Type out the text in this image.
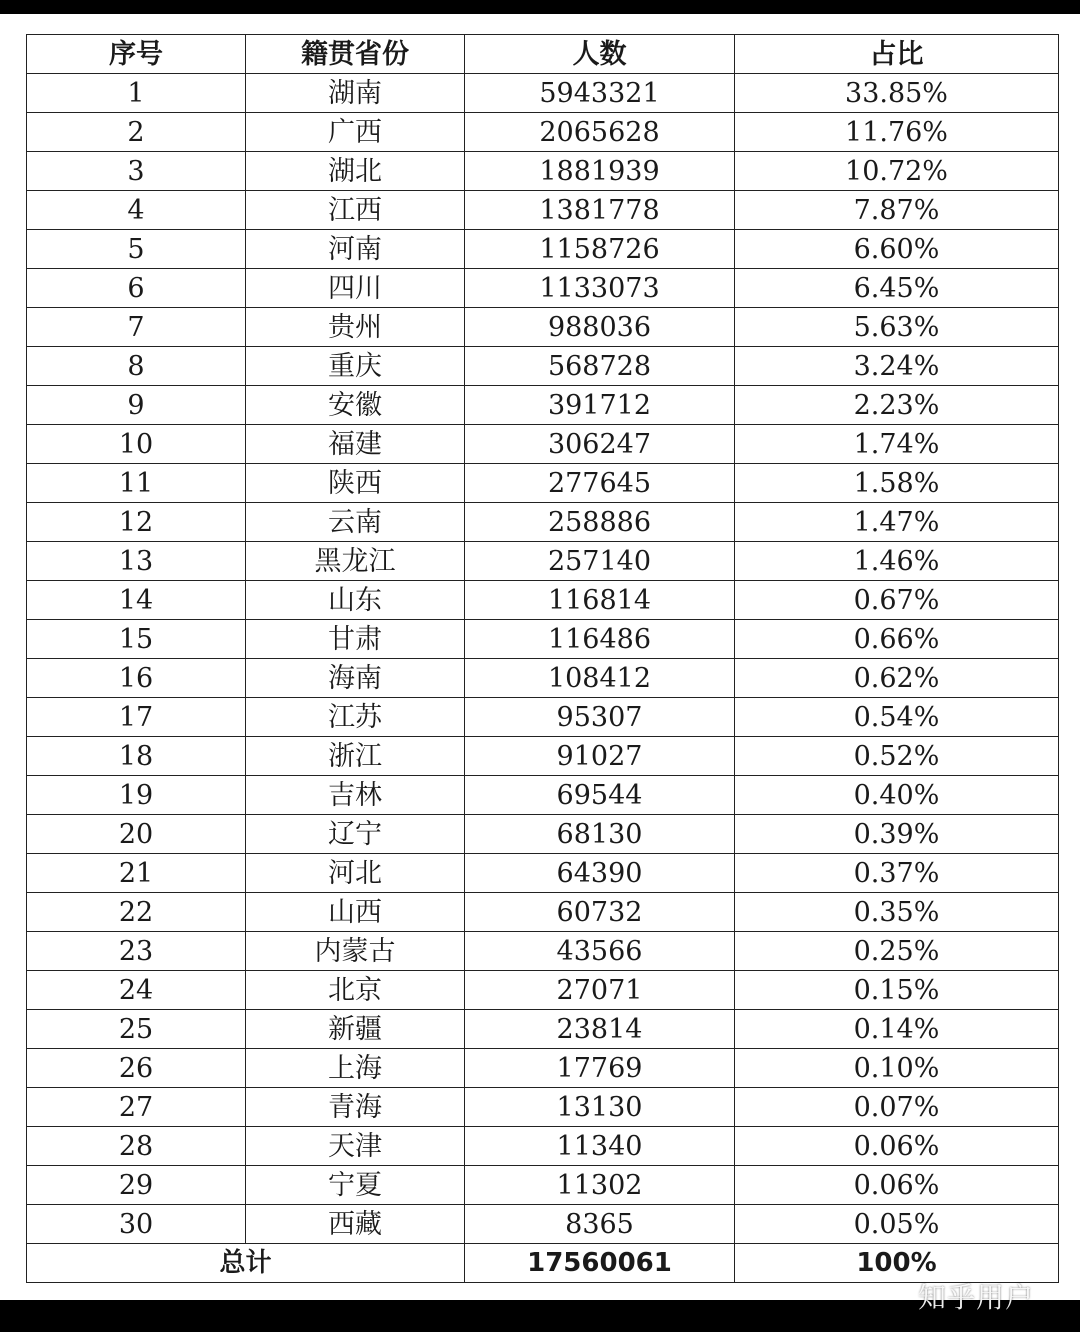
序号	籍贯省份	人数	占比
1	湖南	5943321	33.85%
2	广西	2065628	11.76%
3	湖北	1881939	10.72%
4	江西	1381778	7.87%
5	河南	1158726	6.60%
6	四川	1133073	6.45%
7	贵州	988036	5.63%
8	重庆	568728	3.24%
9	安徽	391712	2.23%
10	福建	306247	1.74%
11	陕西	277645	1.58%
12	云南	258886	1.47%
13	黑龙江	257140	1.46%
14	山东	116814	0.67%
15	甘肃	116486	0.66%
16	海南	108412	0.62%
17	江苏	95307	0.54%
18	浙江	91027	0.52%
19	吉林	69544	0.40%
20	辽宁	68130	0.39%
21	河北	64390	0.37%
22	山西	60732	0.35%
23	内蒙古	43566	0.25%
24	北京	27071	0.15%
25	新疆	23814	0.14%
26	上海	17769	0.10%
27	青海	13130	0.07%
28	天津	11340	0.06%
29	宁夏	11302	0.06%
30	西藏	8365	0.05%
总计		17560061	100%
知乎用户
